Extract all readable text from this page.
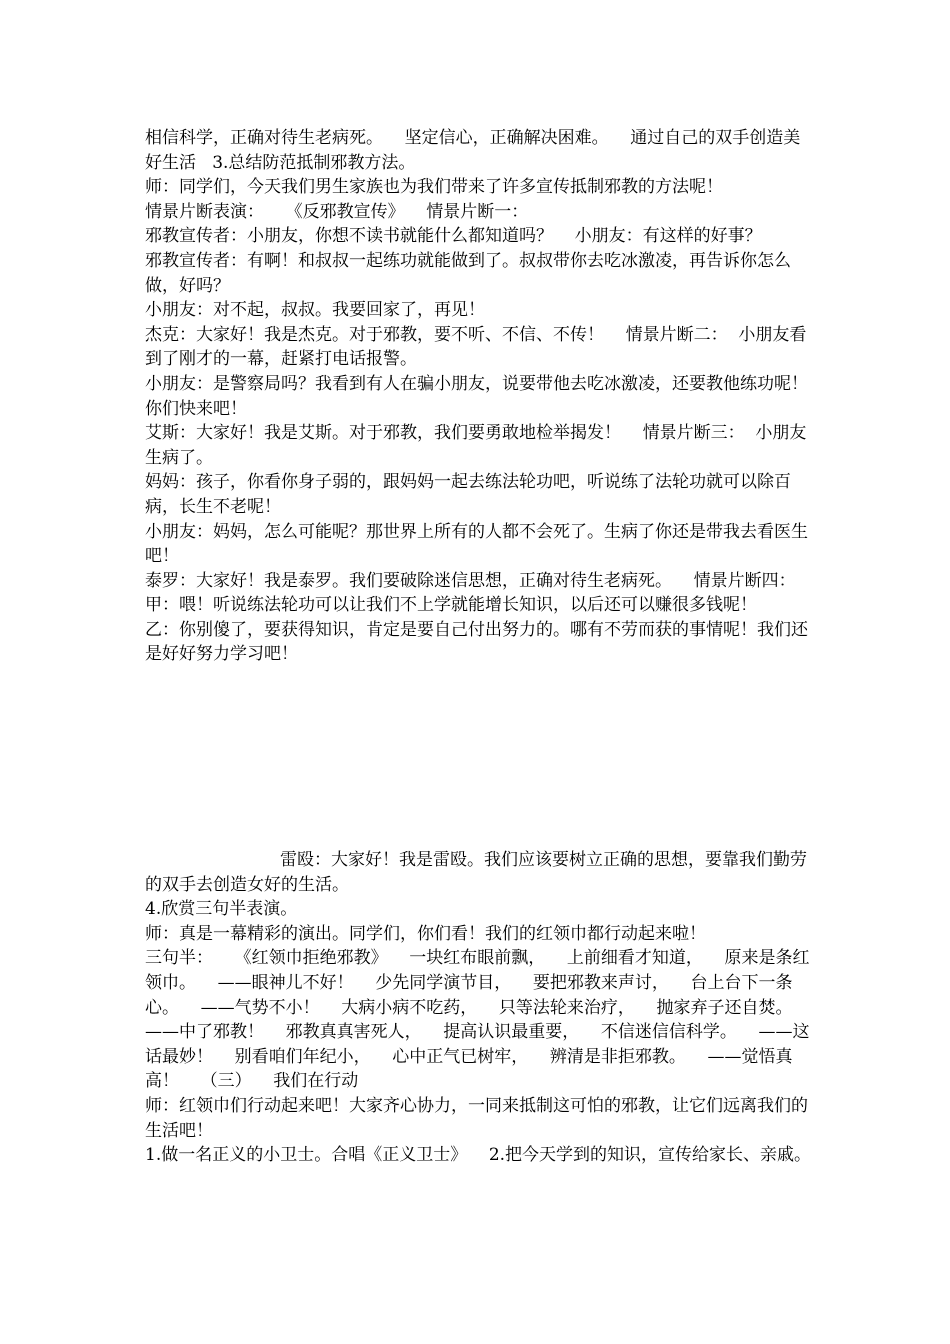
相信科学，正确对待生老病死。    坚定信心，正确解决困难。    通过自己的双手创造美好生活   3.总结防范抵制邪教方法。

师：同学们，今天我们男生家族也为我们带来了许多宣传抵制邪教的方法呢！

情景片断表演：    《反邪教宣传》    情景片断一：

邪教宣传者：小朋友，你想不读书就能什么都知道吗？    小朋友：有这样的好事？

邪教宣传者：有啊！和叔叔一起练功就能做到了。叔叔带你去吃冰激凌，再告诉你怎么做，好吗？

小朋友：对不起，叔叔。我要回家了，再见！

杰克：大家好！我是杰克。对于邪教，要不听、不信、不传！    情景片断二：  小朋友看到了刚才的一幕，赶紧打电话报警。

小朋友：是警察局吗？我看到有人在骗小朋友，说要带他去吃冰激凌，还要教他练功呢！你们快来吧！

艾斯：大家好！我是艾斯。对于邪教，我们要勇敢地检举揭发！    情景片断三：  小朋友生病了。

妈妈：孩子，你看你身子弱的，跟妈妈一起去练法轮功吧，听说练了法轮功就可以除百病，长生不老呢！

小朋友：妈妈，怎么可能呢？那世界上所有的人都不会死了。生病了你还是带我去看医生吧！

泰罗：大家好！我是泰罗。我们要破除迷信思想，正确对待生老病死。    情景片断四：

甲：喂！听说练法轮功可以让我们不上学就能增长知识，以后还可以赚很多钱呢！

乙：你别傻了，要获得知识，肯定是要自己付出努力的。哪有不劳而获的事情呢！我们还是好好努力学习吧！

雷殴：大家好！我是雷殴。我们应该要树立正确的思想，要靠我们勤劳的双手去创造女好的生活。

4.欣赏三句半表演。

师：真是一幕精彩的演出。同学们，你们看！我们的红领巾都行动起来啦！

三句半：    《红领巾拒绝邪教》    一块红布眼前飘，    上前细看才知道，    原来是条红领巾。    ——眼神儿不好！    少先同学演节目，    要把邪教来声讨，    台上台下一条心。    ——气势不小！    大病小病不吃药，    只等法轮来治疗，    抛家弃子还自焚。    ——中了邪教！    邪教真真害死人，    提高认识最重要，    不信迷信信科学。    ——这话最妙！    别看咱们年纪小，    心中正气已树牢，    辨清是非拒邪教。    ——觉悟真高！    （三）    我们在行动

师：红领巾们行动起来吧！大家齐心协力，一同来抵制这可怕的邪教，让它们远离我们的生活吧！

1.做一名正义的小卫士。合唱《正义卫士》    2.把今天学到的知识，宣传给家长、亲戚。
